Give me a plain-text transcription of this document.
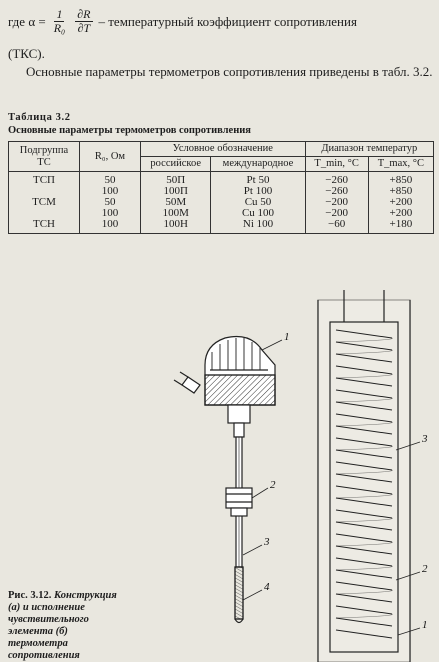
где $\alpha = \frac{1}{\text{R₀}} \frac{\partial R}{\partial T}$ – температурный коэффициент сопротивления
(ТКС).
Основные параметры термометров сопротивления приведены в табл. 3.2.
Таблица 3.2
Основные параметры термометров сопротивления
Подгруппа ТС	R₀, Ом	Условное обозначение		Диапазон температур	
		российское	международное	T_min, °C	T_max, °C
ТСП	50	50П	Pt 50	−260	+850
	100	100П	Pt 100	−260	+850
ТСМ	50	50М	Cu 50	−200	+200
	100	100М	Cu 100	−200	+200
ТСН	100	100Н	Ni 100	−60	+180
1
2
3
4
3
2
1
Рис. 3.12. Конструкция (а) и исполнение чувствительного элемента (б) термометра сопротивления
